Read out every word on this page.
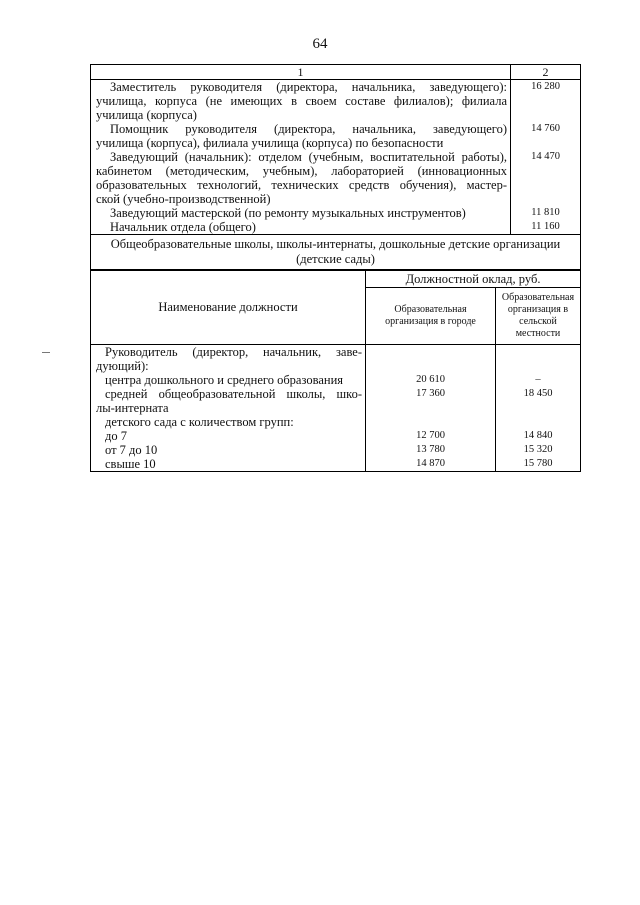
64
1	2

Заместитель руководителя (директора, начальника, заведующего):
училища, корпуса (не имеющих в своем составе филиалов); филиала
училища (корпуса)	16 280

Помощник руководителя (директора, начальника, заведующего)
училища (корпуса), филиала училища (корпуса) по безопасности	14 760

Заведующий (начальник): отделом (учебным, воспитательной работы),
кабинетом (методическим, учебным), лабораторией (инновационных
образовательных технологий, технических средств обучения), мастер-
ской (учебно-производственной)	14 470

Заведующий мастерской (по ремонту музыкальных инструментов)	11 810

Начальник отдела (общего)	11 160
Общеобразовательные школы, школы-интернаты, дошкольные детские организации (детские сады)	
Наименование должности	Должностной оклад, руб.	
	Образовательная организация в городе	Образовательная организация в сельской местности
Руководитель (директор, начальник, заве-		
дующий):		
центра дошкольного и среднего образования	20 610	–
средней общеобразовательной школы, шко-	17 360	18 450
лы-интерната		
детского сада с количеством групп:		
до 7	12 700	14 840
от 7 до 10	13 780	15 320
свыше 10	14 870	15 780
